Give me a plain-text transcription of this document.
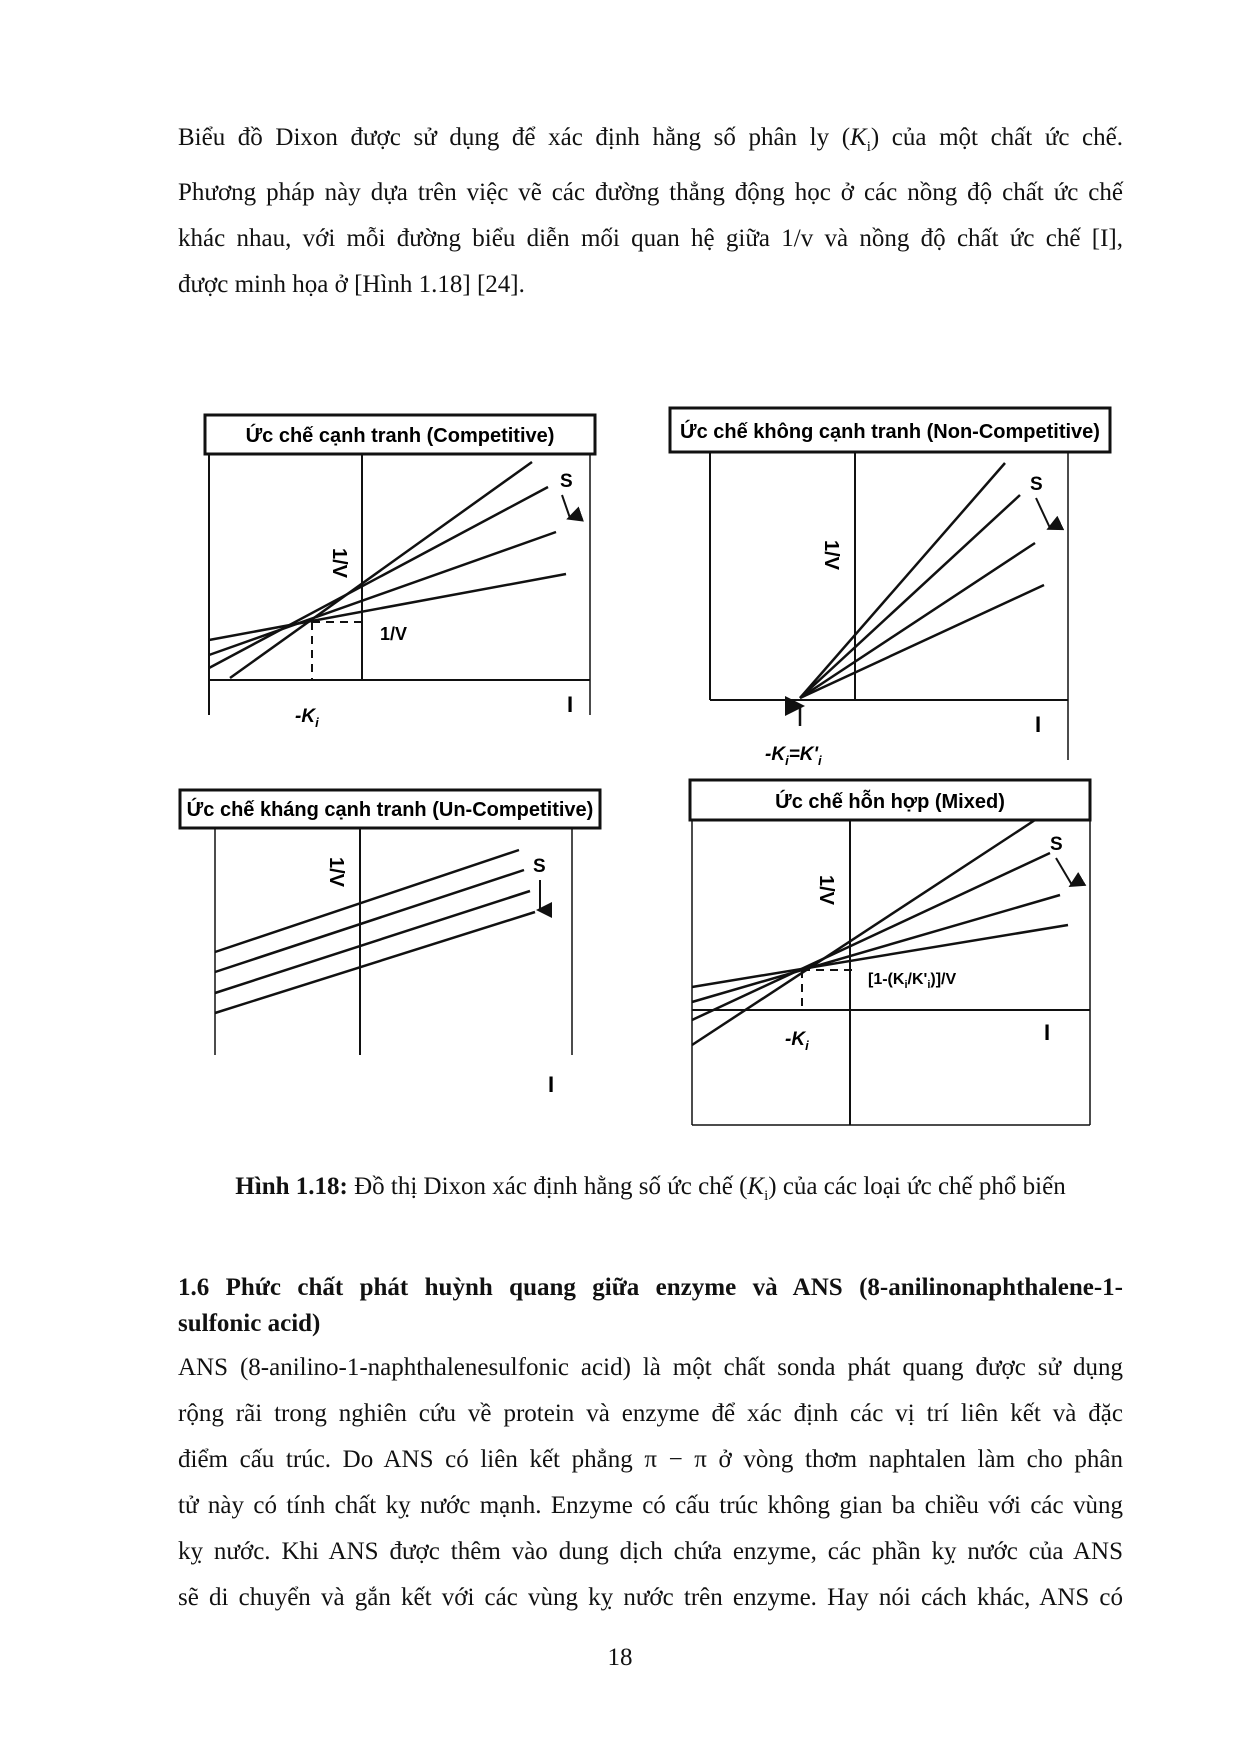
Biểu đồ Dixon được sử dụng để xác định hằng số phân ly $(K_i)$ của một chất ức chế.
Phương pháp này dựa trên việc vẽ các đường thẳng động học ở các nồng độ chất ức chế
khác nhau, với mỗi đường biểu diễn mối quan hệ giữa 1/v và nồng độ chất ức chế [I],
được minh họa ở [Hình 1.18] [24].
Ức chế cạnh tranh (Competitive)
1/V
1/V
S
I
$-K_i$
Ức chế không cạnh tranh (Non-Competitive)
1/V
S
I
$-K_i=K'_i$
Ức chế kháng cạnh tranh (Un-Competitive)
1/V	S
I
Ức chế hỗn hợp (Mixed)
1/V
$[1-(K_i/K'_i)]/V$
S
I
$-K_i$
Hình 1.18: Đồ thị Dixon xác định hằng số ức chế $(K_i)$ của các loại ức chế phổ biến
1.6 Phức chất phát huỳnh quang giữa enzyme và ANS (8-anilinonaphthalene-1-
sulfonic acid)
ANS (8-anilino-1-naphthalenesulfonic acid) là một chất sonda phát quang được sử dụng
rộng rãi trong nghiên cứu về protein và enzyme để xác định các vị trí liên kết và đặc
điểm cấu trúc. Do ANS có liên kết phẳng π − π ở vòng thơm naphtalen làm cho phân
tử này có tính chất kỵ nước mạnh. Enzyme có cấu trúc không gian ba chiều với các vùng
kỵ nước. Khi ANS được thêm vào dung dịch chứa enzyme, các phần kỵ nước của ANS
sẽ di chuyển và gắn kết với các vùng kỵ nước trên enzyme. Hay nói cách khác, ANS có
18
